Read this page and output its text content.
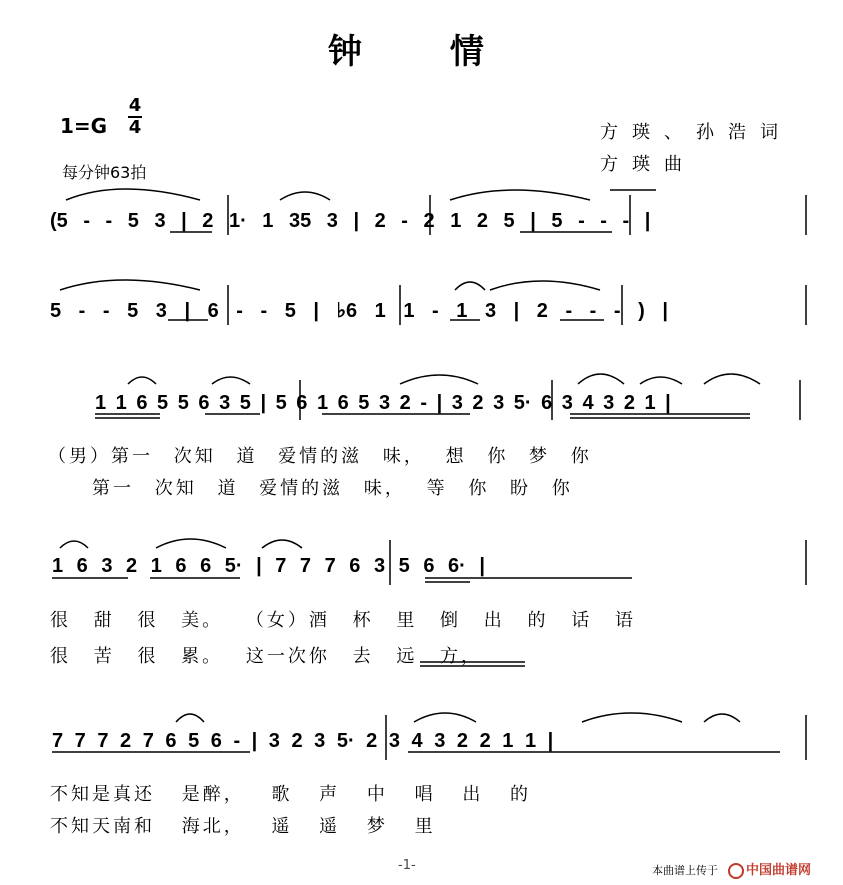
钟 情
1=G
4
4
每分钟63拍
方瑛、孙浩词
方瑛曲
(5 - - 5 3 | 2 1· 1 35 3 | 2 - 2 1 2 5 | 5 - - - |
5 - - 5 3 | 6 - - 5 | ♭6 1 1 - 1 3 | 2 - - - ) |
1 1 6 5 5 6 3 5 | 5 6 1 6 5 3 2 - | 3 2 3 5· 6 3 4 3 2 1 |
（男）第一 次知 道 爱情的滋 味， 想 你 梦 你
第一 次知 道 爱情的滋 味， 等 你 盼 你
1 6 3 2 1 6 6 5· | 7 7 7 6 3 5 6 6· |
很 甜 很 美。 （女）酒 杯 里 倒 出 的 话 语
很 苦 很 累。 这一次你 去 远 方，
7 7 7 2 7 6 5 6 - | 3 2 3 5· 2 3 4 3 2 2 1 1 |
不知是真还 是醉， 歌 声 中 唱 出 的
不知天南和 海北， 遥 遥 梦 里
-1-	本曲谱上传于	中国曲谱网
